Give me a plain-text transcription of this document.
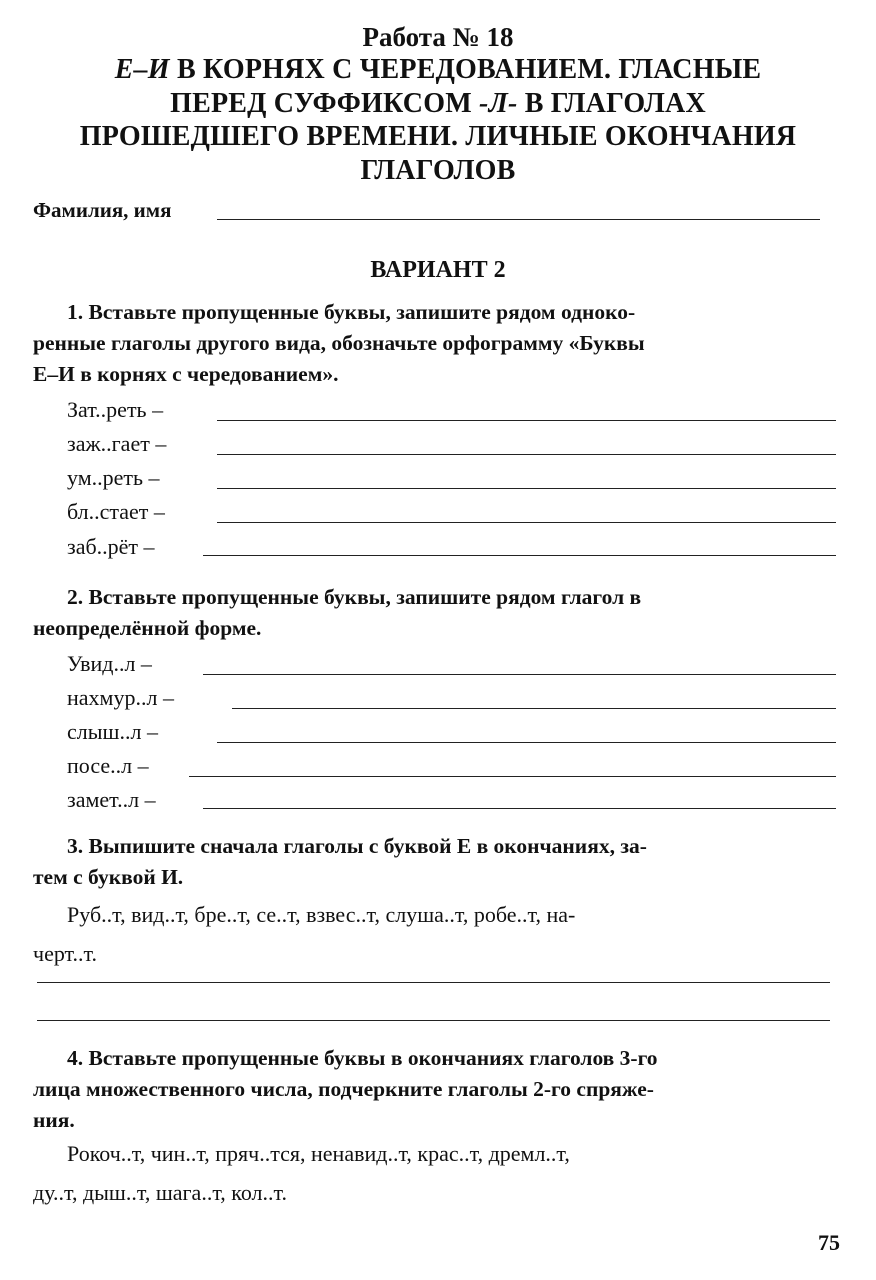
Работа № 18
Е–И В КОРНЯХ С ЧЕРЕДОВАНИЕМ. ГЛАСНЫЕ
ПЕРЕД СУФФИКСОМ -Л- В ГЛАГОЛАХ
ПРОШЕДШЕГО ВРЕМЕНИ. ЛИЧНЫЕ ОКОНЧАНИЯ
ГЛАГОЛОВ
Фамилия, имя
ВАРИАНТ 2
1. Вставьте пропущенные буквы, запишите рядом одноко-
ренные глаголы другого вида, обозначьте орфограмму «Буквы
Е–И в корнях с чередованием».
Зат..реть –
заж..гает –
ум..реть –
бл..стает –
заб..рёт –
2. Вставьте пропущенные буквы, запишите рядом глагол в
неопределённой форме.
Увид..л –
нахмур..л –
слыш..л –
посе..л –
замет..л –
3. Выпишите сначала глаголы с буквой Е в окончаниях, за-
тем с буквой И.
Руб..т, вид..т, бре..т, се..т, взвес..т, слуша..т, робе..т, на-
черт..т.
4. Вставьте пропущенные буквы в окончаниях глаголов 3-го
лица множественного числа, подчеркните глаголы 2-го спряже-
ния.
Рокоч..т, чин..т, пряч..тся, ненавид..т, крас..т, дремл..т,
ду..т, дыш..т, шага..т, кол..т.
75
